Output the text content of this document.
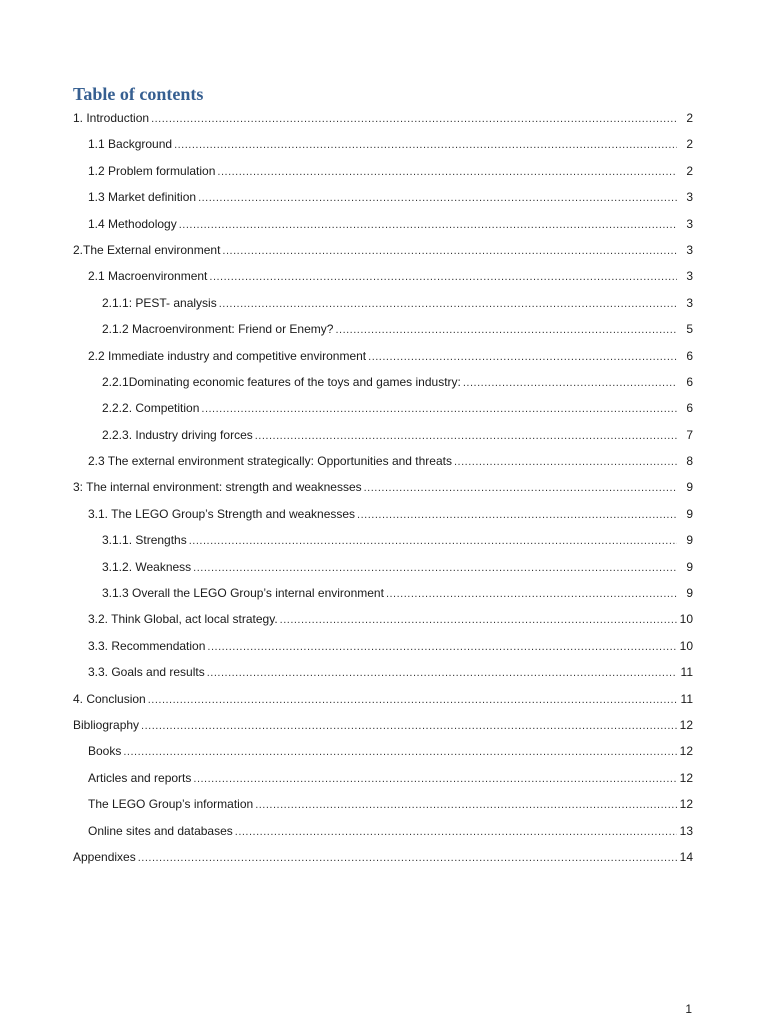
Table of contents
1. Introduction .....	2
1.1 Background .....	2
1.2 Problem formulation .....	2
1.3 Market definition .....	3
1.4 Methodology .....	3
2.The External environment .....	3
2.1 Macroenvironment .....	3
2.1.1: PEST- analysis .....	3
2.1.2 Macroenvironment: Friend or Enemy? .....	5
2.2 Immediate industry and competitive environment .....	6
2.2.1Dominating economic features of the toys and games industry: .....	6
2.2.2. Competition .....	6
2.2.3. Industry driving forces .....	7
2.3 The external environment strategically: Opportunities and threats .....	8
3: The internal environment: strength and weaknesses .....	9
3.1. The LEGO Group’s Strength and weaknesses .....	9
3.1.1. Strengths .....	9
3.1.2. Weakness .....	9
3.1.3 Overall the LEGO Group’s internal environment .....	9
3.2. Think Global, act local strategy. .....	10
3.3. Recommendation .....	10
3.3. Goals and results .....	11
4. Conclusion .....	11
Bibliography .....	12
Books .....	12
Articles and reports .....	12
The LEGO Group’s information .....	12
Online sites and databases .....	13
Appendixes .....	14
1
